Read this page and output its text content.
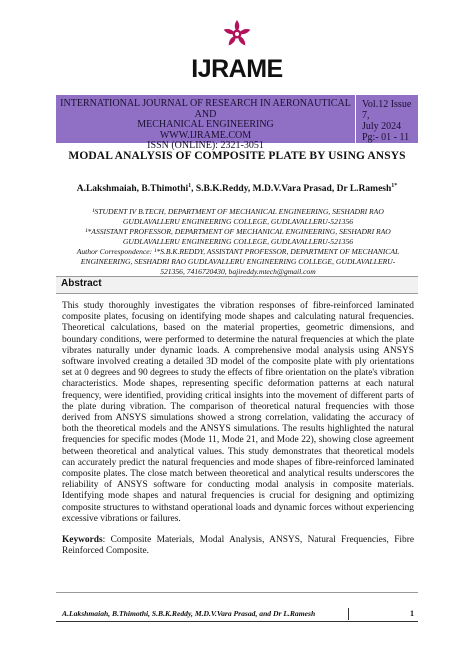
IJRAME
INTERNATIONAL JOURNAL OF RESEARCH IN AERONAUTICAL AND
MECHANICAL ENGINEERING
WWW.IJRAME.COM
ISSN (ONLINE): 2321-3051
Vol.12 Issue 7,
July 2024
Pg:- 01 - 11
MODAL ANALYSIS OF COMPOSITE PLATE BY USING ANSYS
A.Lakshmaiah, B.Thimothi$^1$, S.B.K.Reddy, M.D.V.Vara Prasad, Dr L.Ramesh$^{1*}$
¹STUDENT IV B.TECH, DEPARTMENT OF MECHANICAL ENGINEERING, SESHADRI RAO
GUDLAVALLERU ENGINEERING COLLEGE, GUDLAVALLERU-521356
¹*ASSISTANT PROFESSOR, DEPARTMENT OF MECHANICAL ENGINEERING, SESHADRI RAO
GUDLAVALLERU ENGINEERING COLLEGE, GUDLAVALLERU-521356
Author Correspondence: ¹*S.B.K.REDDY, ASSISTANT PROFESSOR, DEPARTMENT OF MECHANICAL
ENGINEERING, SESHADRI RAO GUDLAVALLERU ENGINEERING COLLEGE, GUDLAVALLERU-
521356, 7416720430, bajireddy.mtech@gmail.com
Abstract
This study thoroughly investigates the vibration responses of fibre-reinforced laminated composite plates, focusing on identifying mode shapes and calculating natural frequencies. Theoretical calculations, based on the material properties, geometric dimensions, and boundary conditions, were performed to determine the natural frequencies at which the plate vibrates naturally under dynamic loads. A comprehensive modal analysis using ANSYS software involved creating a detailed 3D model of the composite plate with ply orientations set at 0 degrees and 90 degrees to study the effects of fibre orientation on the plate's vibration characteristics. Mode shapes, representing specific deformation patterns at each natural frequency, were identified, providing critical insights into the movement of different parts of the plate during vibration. The comparison of theoretical natural frequencies with those derived from ANSYS simulations showed a strong correlation, validating the accuracy of both the theoretical models and the ANSYS simulations. The results highlighted the natural frequencies for specific modes (Mode 11, Mode 21, and Mode 22), showing close agreement between theoretical and analytical values. This study demonstrates that theoretical models can accurately predict the natural frequencies and mode shapes of fibre-reinforced laminated composite plates. The close match between theoretical and analytical results underscores the reliability of ANSYS software for conducting modal analysis in composite materials. Identifying mode shapes and natural frequencies is crucial for designing and optimizing composite structures to withstand operational loads and dynamic forces without experiencing excessive vibrations or failures.
Keywords: Composite Materials, Modal Analysis, ANSYS, Natural Frequencies, Fibre Reinforced Composite.
A.Lakshmaiah, B.Thimothi, S.B.K.Reddy, M.D.V.Vara Prasad, and Dr L.Ramesh	1
